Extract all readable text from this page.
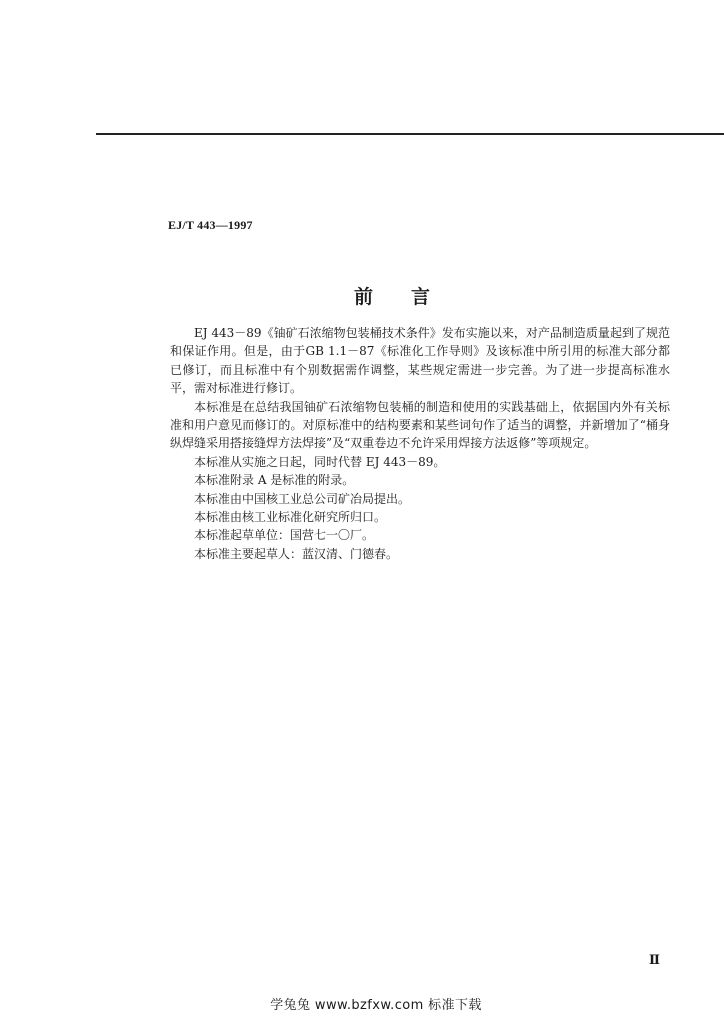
EJ/T 443—1997
前言

EJ 443－89《铀矿石浓缩物包装桶技术条件》发布实施以来，对产品制造质量起到了规范和保证作用。但是，由于GB 1.1－87《标准化工作导则》及该标准中所引用的标准大部分都已修订，而且标准中有个别数据需作调整，某些规定需进一步完善。为了进一步提高标准水平，需对标准进行修订。

本标准是在总结我国铀矿石浓缩物包装桶的制造和使用的实践基础上，依据国内外有关标准和用户意见而修订的。对原标准中的结构要素和某些词句作了适当的调整，并新增加了“桶身纵焊缝采用搭接缝焊方法焊接”及“双重卷边不允许采用焊接方法返修”等项规定。

本标准从实施之日起，同时代替 EJ 443－89。

本标准附录 A 是标准的附录。

本标准由中国核工业总公司矿冶局提出。

本标准由核工业标准化研究所归口。

本标准起草单位：国营七一〇厂。

本标准主要起草人：蓝汉清、门德春。

Ⅱ
学兔兔 www.bzfxw.com 标准下载
